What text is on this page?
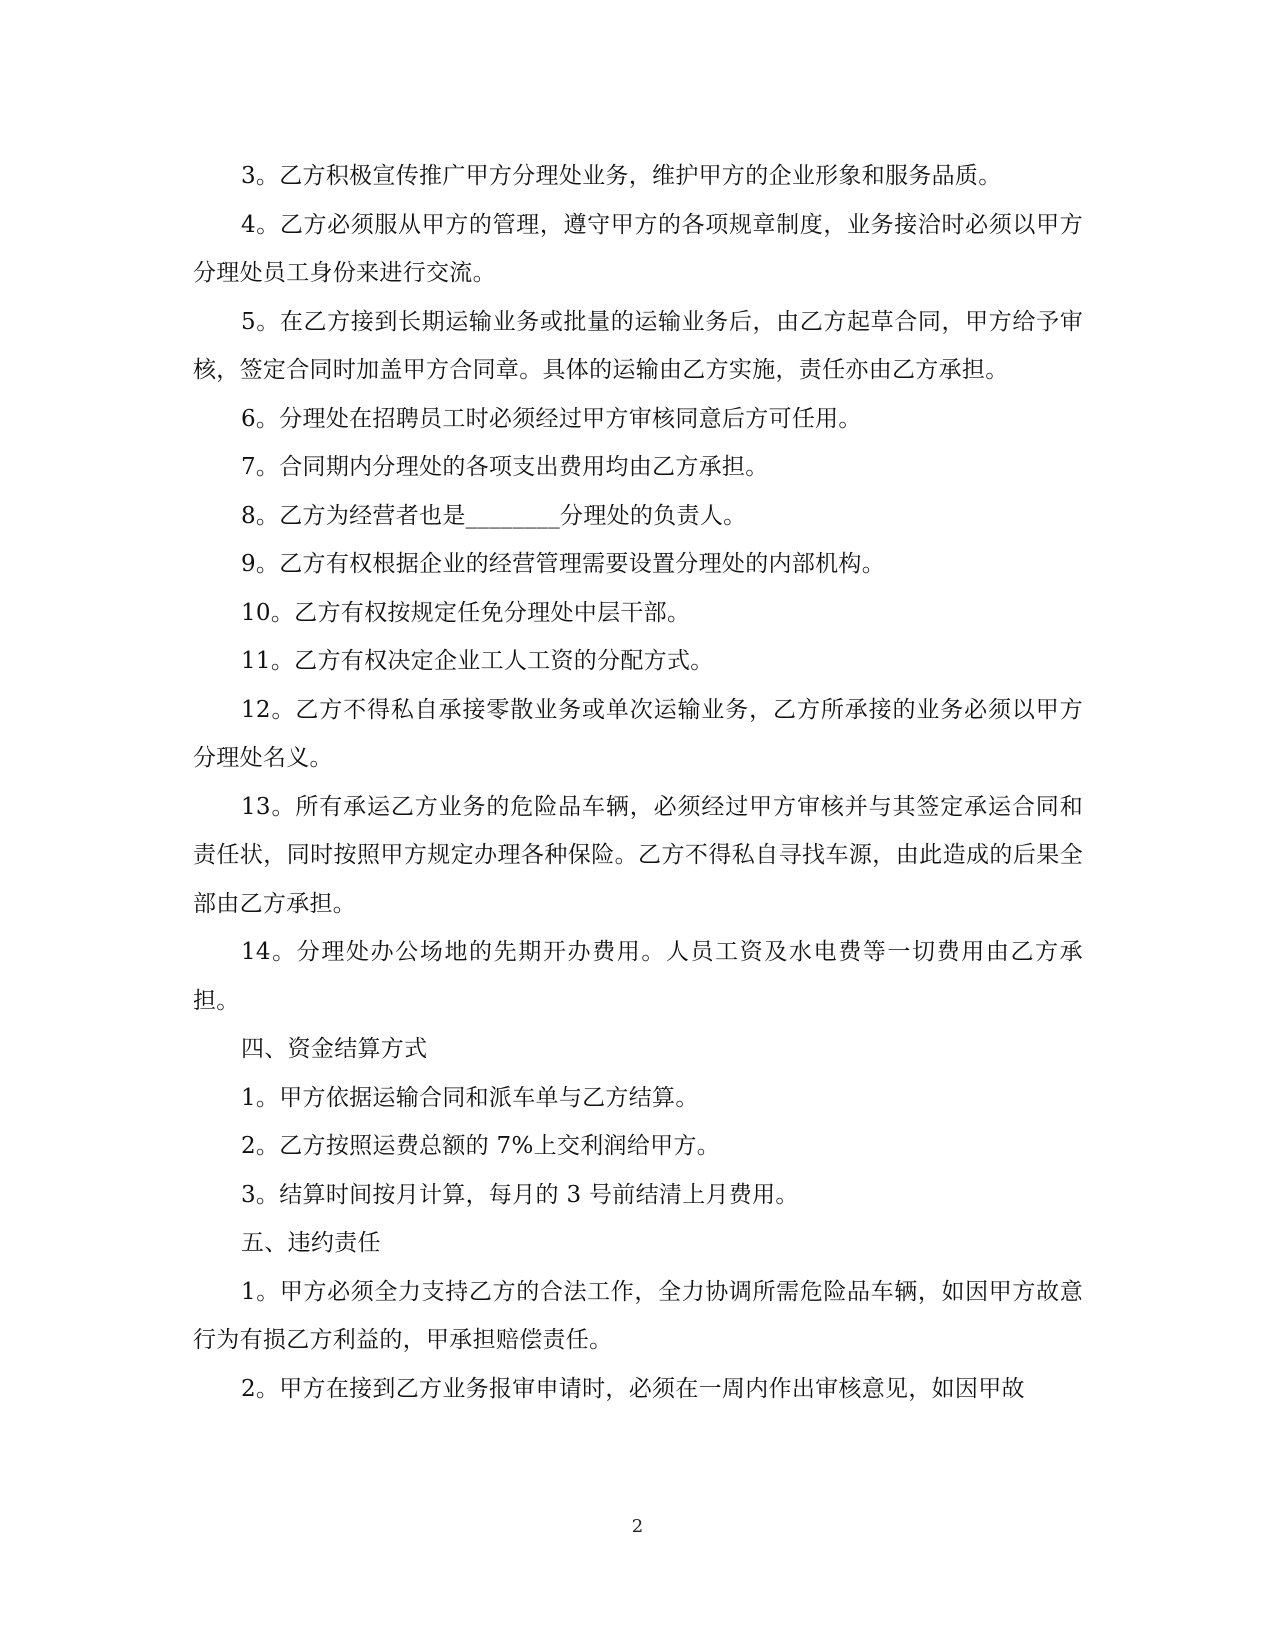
3。乙方积极宣传推广甲方分理处业务，维护甲方的企业形象和服务品质。

4。乙方必须服从甲方的管理，遵守甲方的各项规章制度，业务接洽时必须以甲方分理处员工身份来进行交流。

5。在乙方接到长期运输业务或批量的运输业务后，由乙方起草合同，甲方给予审核，签定合同时加盖甲方合同章。具体的运输由乙方实施，责任亦由乙方承担。

6。分理处在招聘员工时必须经过甲方审核同意后方可任用。

7。合同期内分理处的各项支出费用均由乙方承担。

8。乙方为经营者也是________分理处的负责人。

9。乙方有权根据企业的经营管理需要设置分理处的内部机构。

10。乙方有权按规定任免分理处中层干部。

11。乙方有权决定企业工人工资的分配方式。

12。乙方不得私自承接零散业务或单次运输业务，乙方所承接的业务必须以甲方分理处名义。

13。所有承运乙方业务的危险品车辆，必须经过甲方审核并与其签定承运合同和责任状，同时按照甲方规定办理各种保险。乙方不得私自寻找车源，由此造成的后果全部由乙方承担。

14。分理处办公场地的先期开办费用。人员工资及水电费等一切费用由乙方承担。

四、资金结算方式

1。甲方依据运输合同和派车单与乙方结算。

2。乙方按照运费总额的 7%上交利润给甲方。

3。结算时间按月计算，每月的 3 号前结清上月费用。

五、违约责任

1。甲方必须全力支持乙方的合法工作，全力协调所需危险品车辆，如因甲方故意行为有损乙方利益的，甲承担赔偿责任。

2。甲方在接到乙方业务报审申请时，必须在一周内作出审核意见，如因甲故

2
